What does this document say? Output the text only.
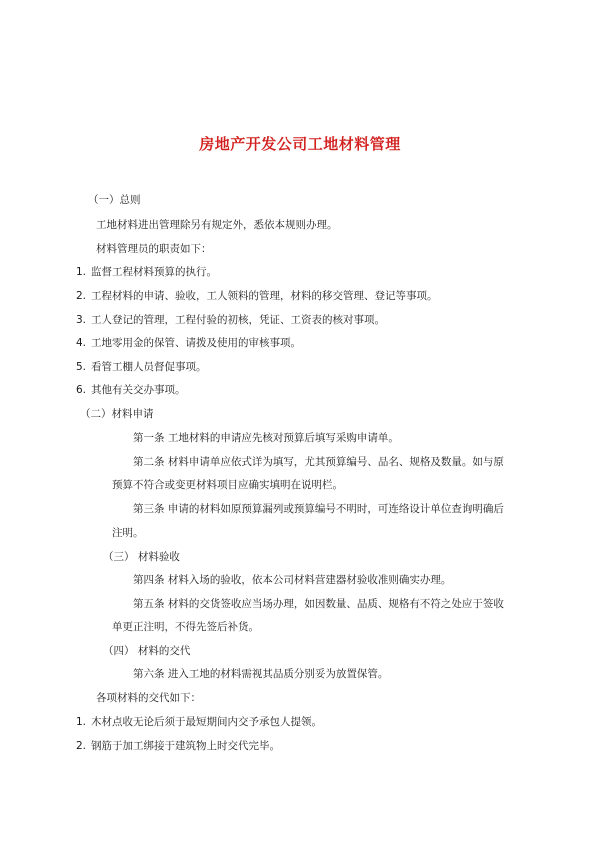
房地产开发公司工地材料管理
（一）总则
工地材料进出管理除另有规定外，悉依本规则办理。
材料管理员的职责如下：
1. 监督工程材料预算的执行。
2. 工程材料的申请、验收，工人领料的管理，材料的移交管理、登记等事项。
3. 工人登记的管理，工程付验的初核，凭证、工资表的核对事项。
4. 工地零用金的保管、请拨及使用的审核事项。
5. 看管工棚人员督促事项。
6. 其他有关交办事项。
（二）材料申请
第一条 工地材料的申请应先核对预算后填写采购申请单。
第二条 材料申请单应依式详为填写，尤其预算编号、品名、规格及数量。如与原
预算不符合或变更材料项目应确实填明在说明栏。
第三条 申请的材料如原预算漏列或预算编号不明时，可连络设计单位查询明确后
注明。
（三） 材料验收
第四条 材料入场的验收，依本公司材料营建器材验收准则确实办理。
第五条 材料的交货签收应当场办理，如因数量、品质、规格有不符之处应于签收
单更正注明，不得先签后补货。
（四） 材料的交代
第六条 进入工地的材料需视其品质分别妥为放置保管。
各项材料的交代如下：
1. 木材点收无论后须于最短期间内交予承包人提领。
2. 钢筋于加工绑接于建筑物上时交代完毕。
